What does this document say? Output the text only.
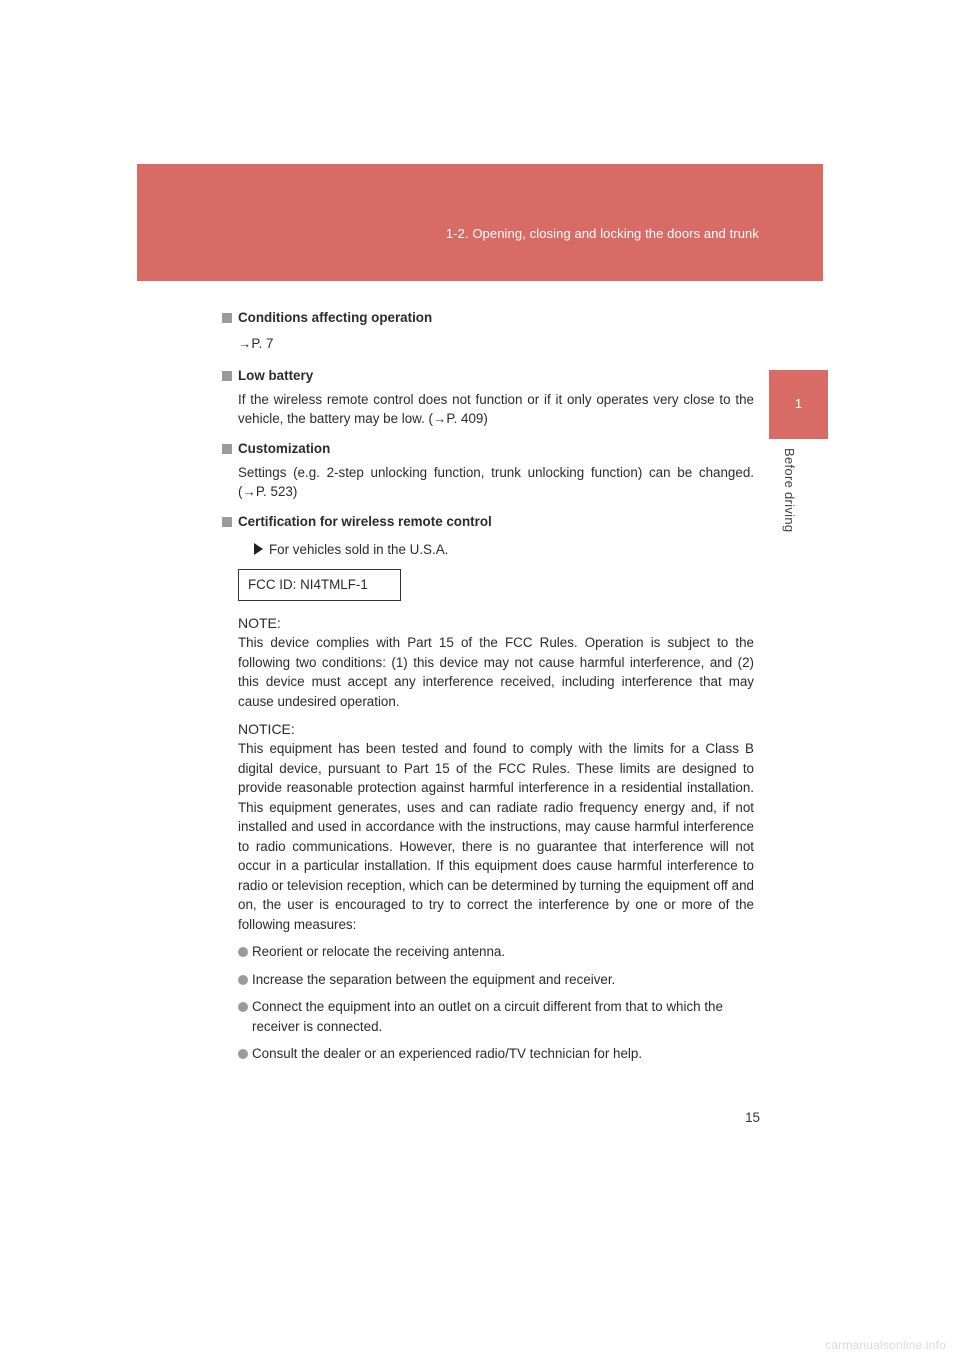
1-2. Opening, closing and locking the doors and trunk
1
Before driving

Conditions affecting operation

→P. 7

Low battery

If the wireless remote control does not function or if it only operates very close to the vehicle, the battery may be low. (→P. 409)

Customization

Settings (e.g. 2-step unlocking function, trunk unlocking function) can be changed. (→P. 523)

Certification for wireless remote control

For vehicles sold in the U.S.A.
FCC ID: NI4TMLF-1

NOTE:

This device complies with Part 15 of the FCC Rules. Operation is subject to the following two conditions: (1) this device may not cause harmful interference, and (2) this device must accept any interference received, including interference that may cause undesired operation.

NOTICE:

This equipment has been tested and found to comply with the limits for a Class B digital device, pursuant to Part 15 of the FCC Rules. These limits are designed to provide reasonable protection against harmful interference in a residential installation. This equipment generates, uses and can radiate radio frequency energy and, if not installed and used in accordance with the instructions, may cause harmful interference to radio communications. However, there is no guarantee that interference will not occur in a particular installation. If this equipment does cause harmful interference to radio or television reception, which can be determined by turning the equipment off and on, the user is encouraged to try to correct the interference by one or more of the following measures:

Reorient or relocate the receiving antenna.
Increase the separation between the equipment and receiver.
Connect the equipment into an outlet on a circuit different from that to which the receiver is connected.
Consult the dealer or an experienced radio/TV technician for help.
15
carmanualsonline.info
